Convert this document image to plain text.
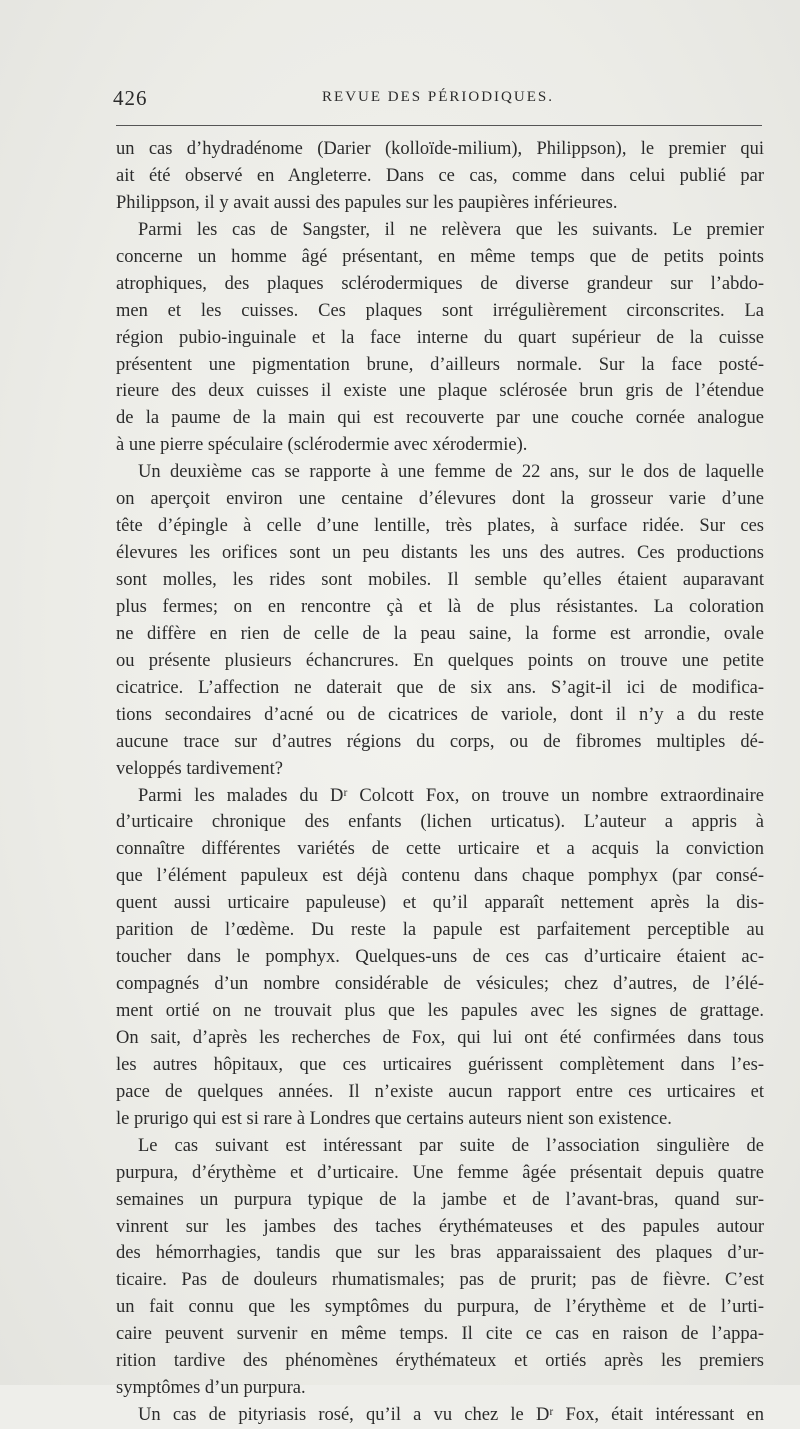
426	REVUE DES PÉRIODIQUES.
un cas d’hydradénome (Darier (kolloïde-milium), Philippson), le premier qui
ait été observé en Angleterre. Dans ce cas, comme dans celui publié par
Philippson, il y avait aussi des papules sur les paupières inférieures.
Parmi les cas de Sangster, il ne relèvera que les suivants. Le premier
concerne un homme âgé présentant, en même temps que de petits points
atrophiques, des plaques sclérodermiques de diverse grandeur sur l’abdo-
men et les cuisses. Ces plaques sont irrégulièrement circonscrites. La
région pubio-inguinale et la face interne du quart supérieur de la cuisse
présentent une pigmentation brune, d’ailleurs normale. Sur la face posté-
rieure des deux cuisses il existe une plaque sclérosée brun gris de l’étendue
de la paume de la main qui est recouverte par une couche cornée analogue
à une pierre spéculaire (sclérodermie avec xérodermie).
Un deuxième cas se rapporte à une femme de 22 ans, sur le dos de laquelle
on aperçoit environ une centaine d’élevures dont la grosseur varie d’une
tête d’épingle à celle d’une lentille, très plates, à surface ridée. Sur ces
élevures les orifices sont un peu distants les uns des autres. Ces productions
sont molles, les rides sont mobiles. Il semble qu’elles étaient auparavant
plus fermes; on en rencontre çà et là de plus résistantes. La coloration
ne diffère en rien de celle de la peau saine, la forme est arrondie, ovale
ou présente plusieurs échancrures. En quelques points on trouve une petite
cicatrice. L’affection ne daterait que de six ans. S’agit-il ici de modifica-
tions secondaires d’acné ou de cicatrices de variole, dont il n’y a du reste
aucune trace sur d’autres régions du corps, ou de fibromes multiples dé-
veloppés tardivement?
Parmi les malades du Dʳ Colcott Fox, on trouve un nombre extraordinaire
d’urticaire chronique des enfants (lichen urticatus). L’auteur a appris à
connaître différentes variétés de cette urticaire et a acquis la conviction
que l’élément papuleux est déjà contenu dans chaque pomphyx (par consé-
quent aussi urticaire papuleuse) et qu’il apparaît nettement après la dis-
parition de l’œdème. Du reste la papule est parfaitement perceptible au
toucher dans le pomphyx. Quelques-uns de ces cas d’urticaire étaient ac-
compagnés d’un nombre considérable de vésicules; chez d’autres, de l’élé-
ment ortié on ne trouvait plus que les papules avec les signes de grattage.
On sait, d’après les recherches de Fox, qui lui ont été confirmées dans tous
les autres hôpitaux, que ces urticaires guérissent complètement dans l’es-
pace de quelques années. Il n’existe aucun rapport entre ces urticaires et
le prurigo qui est si rare à Londres que certains auteurs nient son existence.
Le cas suivant est intéressant par suite de l’association singulière de
purpura, d’érythème et d’urticaire. Une femme âgée présentait depuis quatre
semaines un purpura typique de la jambe et de l’avant-bras, quand sur-
vinrent sur les jambes des taches érythémateuses et des papules autour
des hémorrhagies, tandis que sur les bras apparaissaient des plaques d’ur-
ticaire. Pas de douleurs rhumatismales; pas de prurit; pas de fièvre. C’est
un fait connu que les symptômes du purpura, de l’érythème et de l’urti-
caire peuvent survenir en même temps. Il cite ce cas en raison de l’appa-
rition tardive des phénomènes érythémateux et ortiés après les premiers
symptômes d’un purpura.
Un cas de pityriasis rosé, qu’il a vu chez le Dʳ Fox, était intéressant en
